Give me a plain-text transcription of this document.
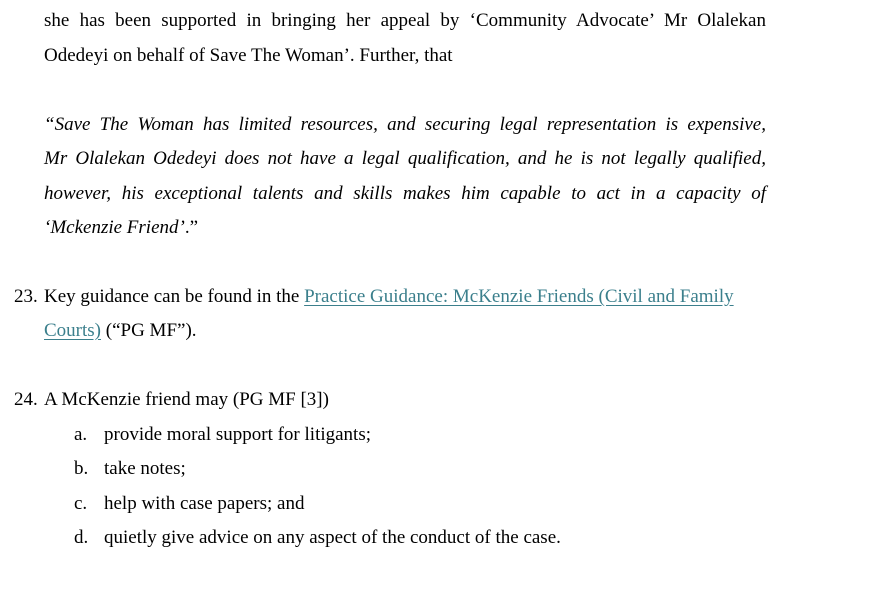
she has been supported in bringing her appeal by ‘Community Advocate’ Mr Olalekan
Odedeyi on behalf of Save The Woman’. Further, that
“Save The Woman has limited resources, and securing legal representation is expensive,
Mr Olalekan Odedeyi does not have a legal qualification, and he is not legally qualified,
however, his exceptional talents and skills makes him capable to act in a capacity of
‘Mckenzie Friend’.”
23. Key guidance can be found in the Practice Guidance: McKenzie Friends (Civil and Family
Courts) (“PG MF”).
24. A McKenzie friend may (PG MF [3])
a. provide moral support for litigants;
b. take notes;
c. help with case papers; and
d. quietly give advice on any aspect of the conduct of the case.
